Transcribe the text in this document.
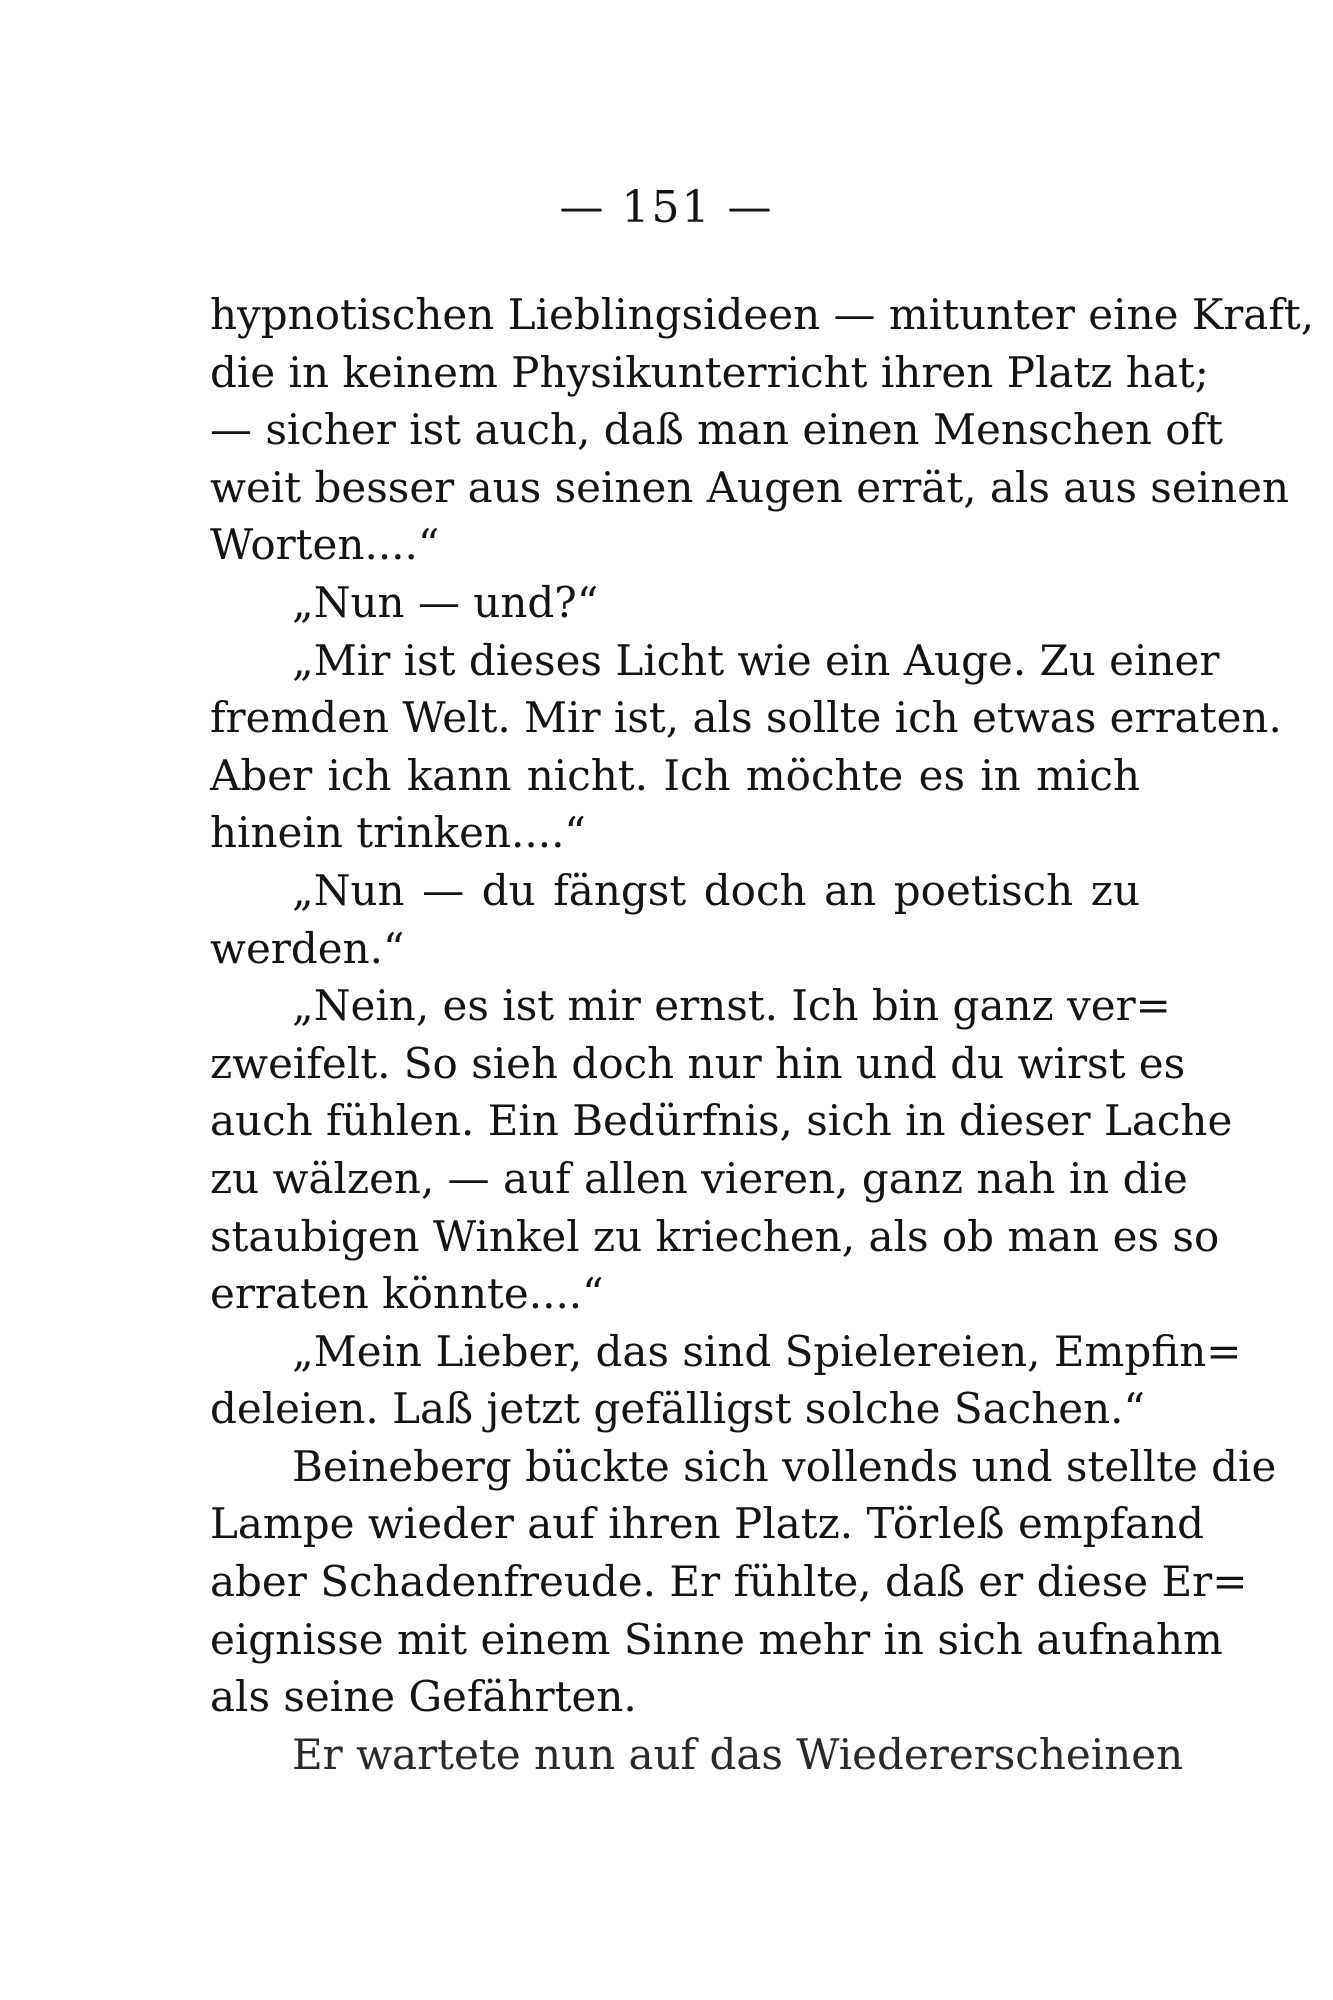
— 151 —
hypnotischen Lieblingsideen — mitunter eine Kraft,
die in keinem Physikunterricht ihren Platz hat;
— sicher ist auch, daß man einen Menschen oft
weit besser aus seinen Augen errät, als aus seinen
Worten....“
„Nun — und?“
„Mir ist dieses Licht wie ein Auge. Zu einer
fremden Welt. Mir ist, als sollte ich etwas erraten.
Aber ich kann nicht. Ich möchte es in mich
hinein trinken....“
„Nun — du fängst doch an poetisch zu
werden.“
„Nein, es ist mir ernst. Ich bin ganz ver=
zweifelt. So sieh doch nur hin und du wirst es
auch fühlen. Ein Bedürfnis, sich in dieser Lache
zu wälzen, — auf allen vieren, ganz nah in die
staubigen Winkel zu kriechen, als ob man es so
erraten könnte....“
„Mein Lieber, das sind Spielereien, Empfin=
deleien. Laß jetzt gefälligst solche Sachen.“
Beineberg bückte sich vollends und stellte die
Lampe wieder auf ihren Platz. Törleß empfand
aber Schadenfreude. Er fühlte, daß er diese Er=
eignisse mit einem Sinne mehr in sich aufnahm
als seine Gefährten.
Er wartete nun auf das Wiedererscheinen
